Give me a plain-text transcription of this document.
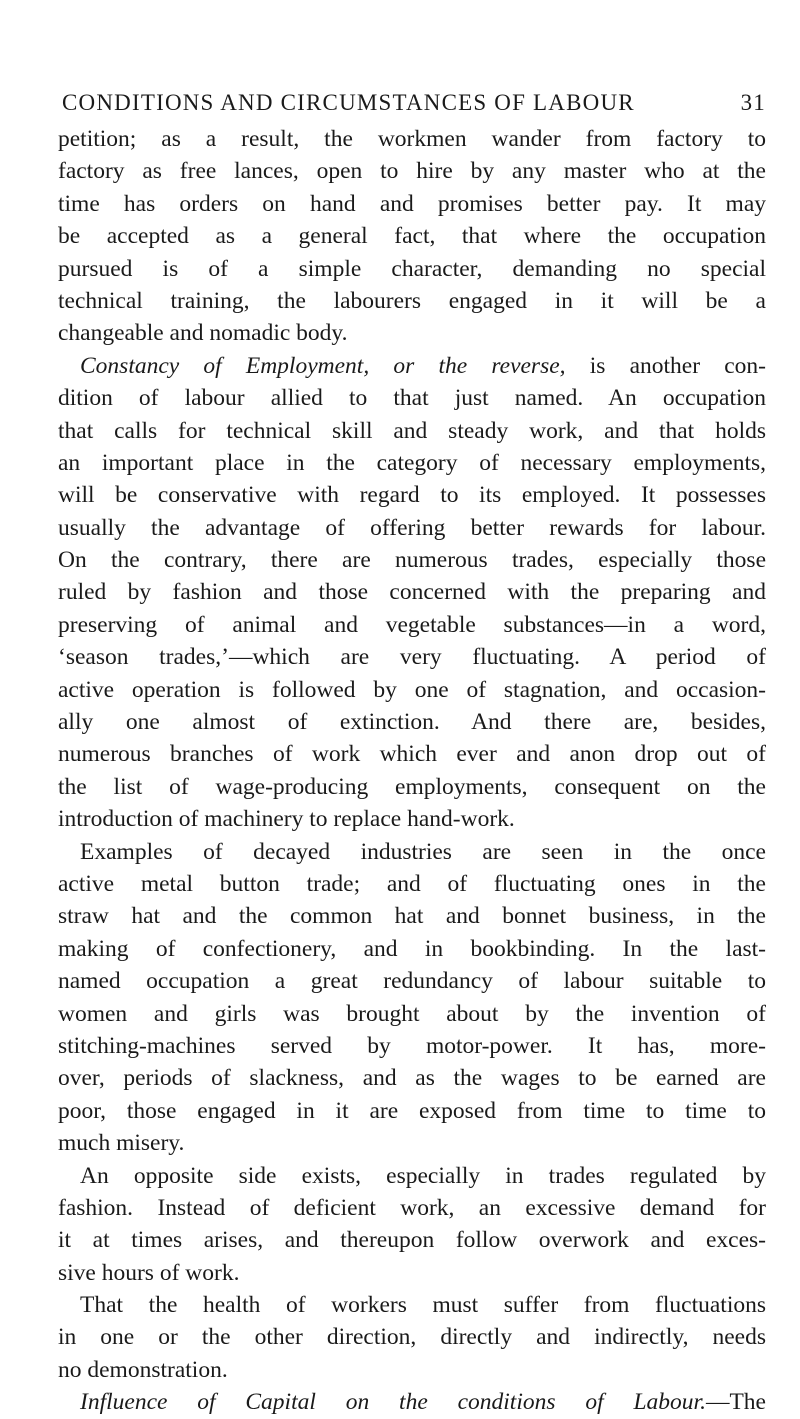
CONDITIONS AND CIRCUMSTANCES OF LABOUR	31
petition; as a result, the workmen wander from factory to
factory as free lances, open to hire by any master who at the
time has orders on hand and promises better pay. It may
be accepted as a general fact, that where the occupation
pursued is of a simple character, demanding no special
technical training, the labourers engaged in it will be a
changeable and nomadic body.
Constancy of Employment, or the reverse, is another con-
dition of labour allied to that just named. An occupation
that calls for technical skill and steady work, and that holds
an important place in the category of necessary employments,
will be conservative with regard to its employed. It possesses
usually the advantage of offering better rewards for labour.
On the contrary, there are numerous trades, especially those
ruled by fashion and those concerned with the preparing and
preserving of animal and vegetable substances—in a word,
‘season trades,’—which are very fluctuating. A period of
active operation is followed by one of stagnation, and occasion-
ally one almost of extinction. And there are, besides,
numerous branches of work which ever and anon drop out of
the list of wage-producing employments, consequent on the
introduction of machinery to replace hand-work.
Examples of decayed industries are seen in the once
active metal button trade; and of fluctuating ones in the
straw hat and the common hat and bonnet business, in the
making of confectionery, and in bookbinding. In the last-
named occupation a great redundancy of labour suitable to
women and girls was brought about by the invention of
stitching-machines served by motor-power. It has, more-
over, periods of slackness, and as the wages to be earned are
poor, those engaged in it are exposed from time to time to
much misery.
An opposite side exists, especially in trades regulated by
fashion. Instead of deficient work, an excessive demand for
it at times arises, and thereupon follow overwork and exces-
sive hours of work.
That the health of workers must suffer from fluctuations
in one or the other direction, directly and indirectly, needs
no demonstration.
Influence of Capital on the conditions of Labour.—The
